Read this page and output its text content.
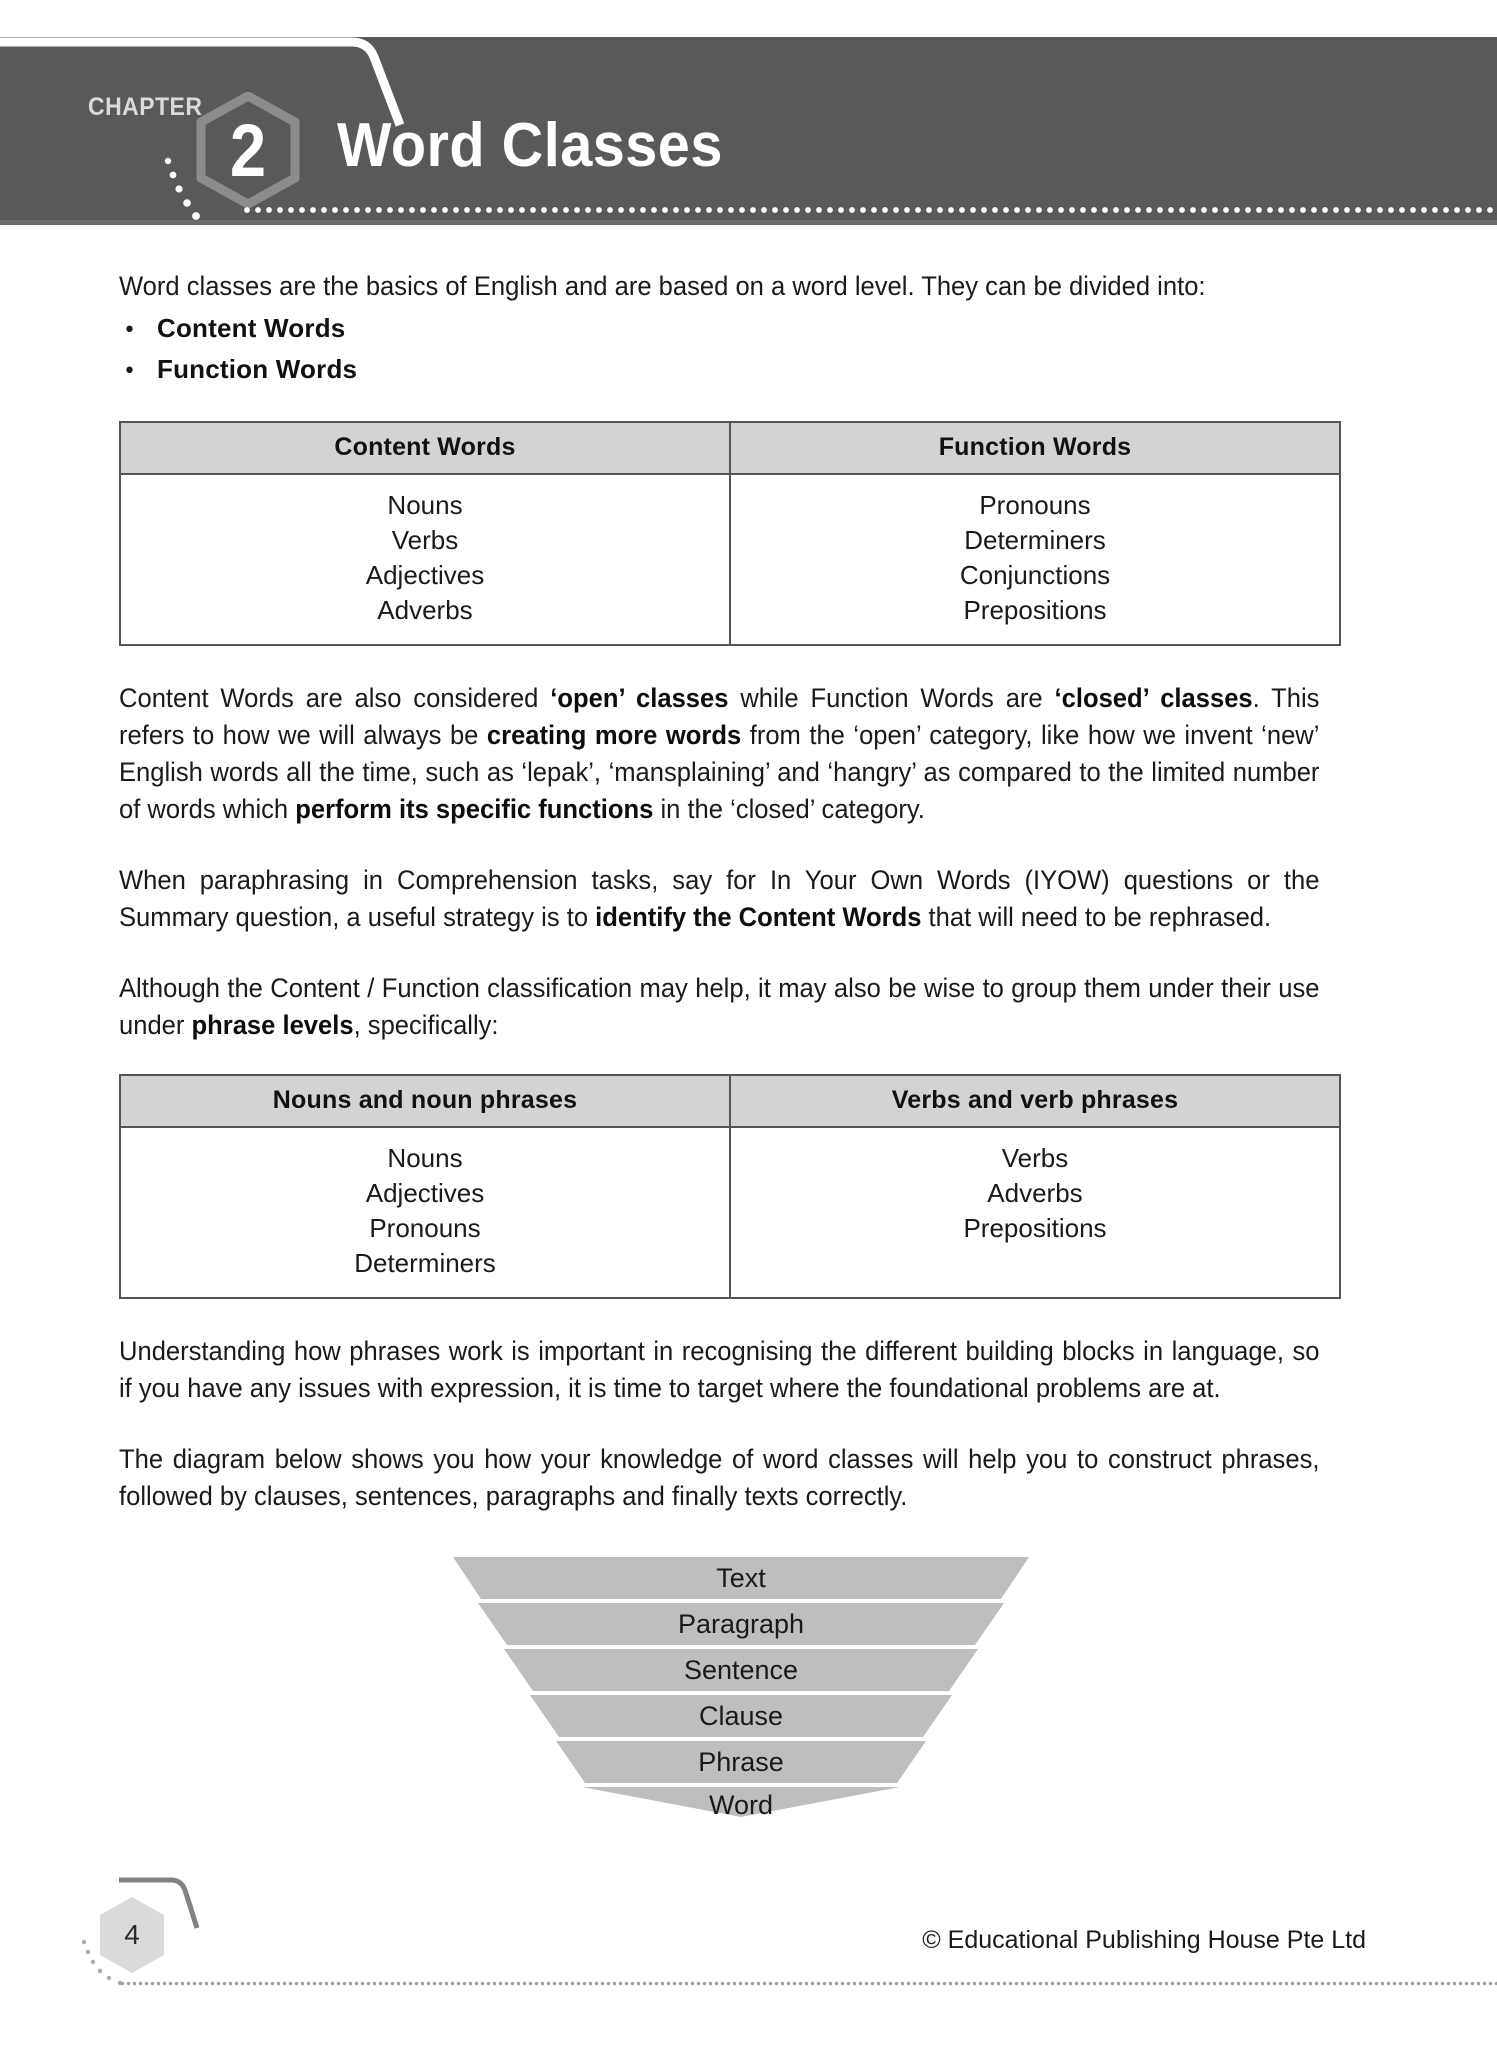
CHAPTER
2	Word Classes
Word classes are the basics of English and are based on a word level. They can be divided into:
• Content Words
• Function Words
Content Words	Function Words

Nouns
Verbs
Adjectives
Adverbs

Pronouns
Determiners
Conjunctions
Prepositions

Content Words are also considered ‘open’ classes while Function Words are ‘closed’ classes. This refers to how we will always be creating more words from the ‘open’ category, like how we invent ‘new’ English words all the time, such as ‘lepak’, ‘mansplaining’ and ‘hangry’ as compared to the limited number of words which perform its specific functions in the ‘closed’ category.

When paraphrasing in Comprehension tasks, say for In Your Own Words (IYOW) questions or the Summary question, a useful strategy is to identify the Content Words that will need to be rephrased.

Although the Content / Function classification may help, it may also be wise to group them under their use under phrase levels, specifically:

Nouns and noun phrases	Verbs and verb phrases

Nouns
Adjectives
Pronouns
Determiners

Verbs
Adverbs
Prepositions

Understanding how phrases work is important in recognising the different building blocks in language, so if you have any issues with expression, it is time to target where the foundational problems are at.

The diagram below shows you how your knowledge of word classes will help you to construct phrases, followed by clauses, sentences, paragraphs and finally texts correctly.

Text
Paragraph
Sentence
Clause
Phrase
Word
4	© Educational Publishing House Pte Ltd
